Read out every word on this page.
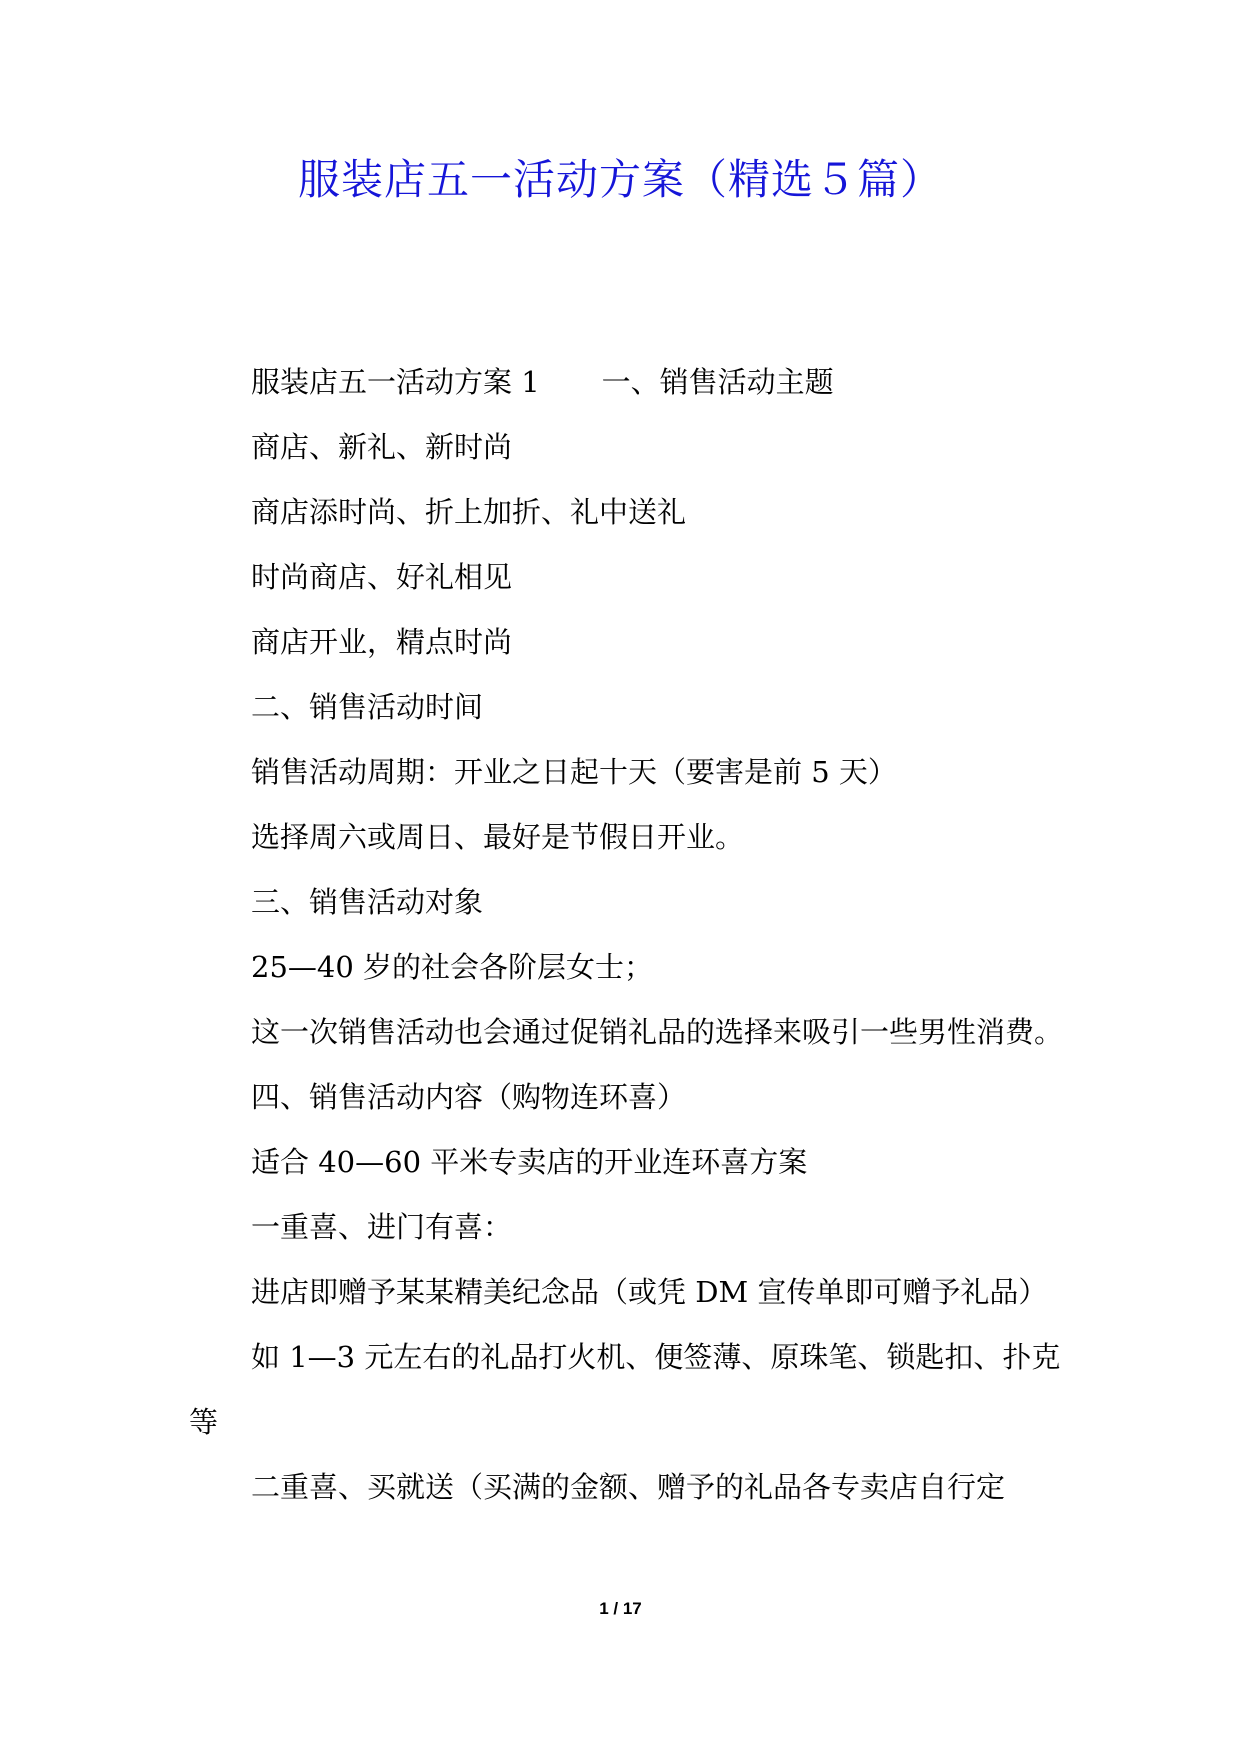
服装店五一活动方案（精选５篇）

服装店五一活动方案 1 一、销售活动主题

商店、新礼、新时尚

商店添时尚、折上加折、礼中送礼

时尚商店、好礼相见

商店开业，精点时尚

二、销售活动时间

销售活动周期：开业之日起十天（要害是前 5 天）

选择周六或周日、最好是节假日开业。

三、销售活动对象

25—40 岁的社会各阶层女士；

这一次销售活动也会通过促销礼品的选择来吸引一些男性消费。

四、销售活动内容（购物连环喜）

适合 40—60 平米专卖店的开业连环喜方案

一重喜、进门有喜：

进店即赠予某某精美纪念品（或凭 DM 宣传单即可赠予礼品）

如 1—3 元左右的礼品打火机、便签薄、原珠笔、锁匙扣、扑克等

二重喜、买就送（买满的金额、赠予的礼品各专卖店自行定

1 / 17
